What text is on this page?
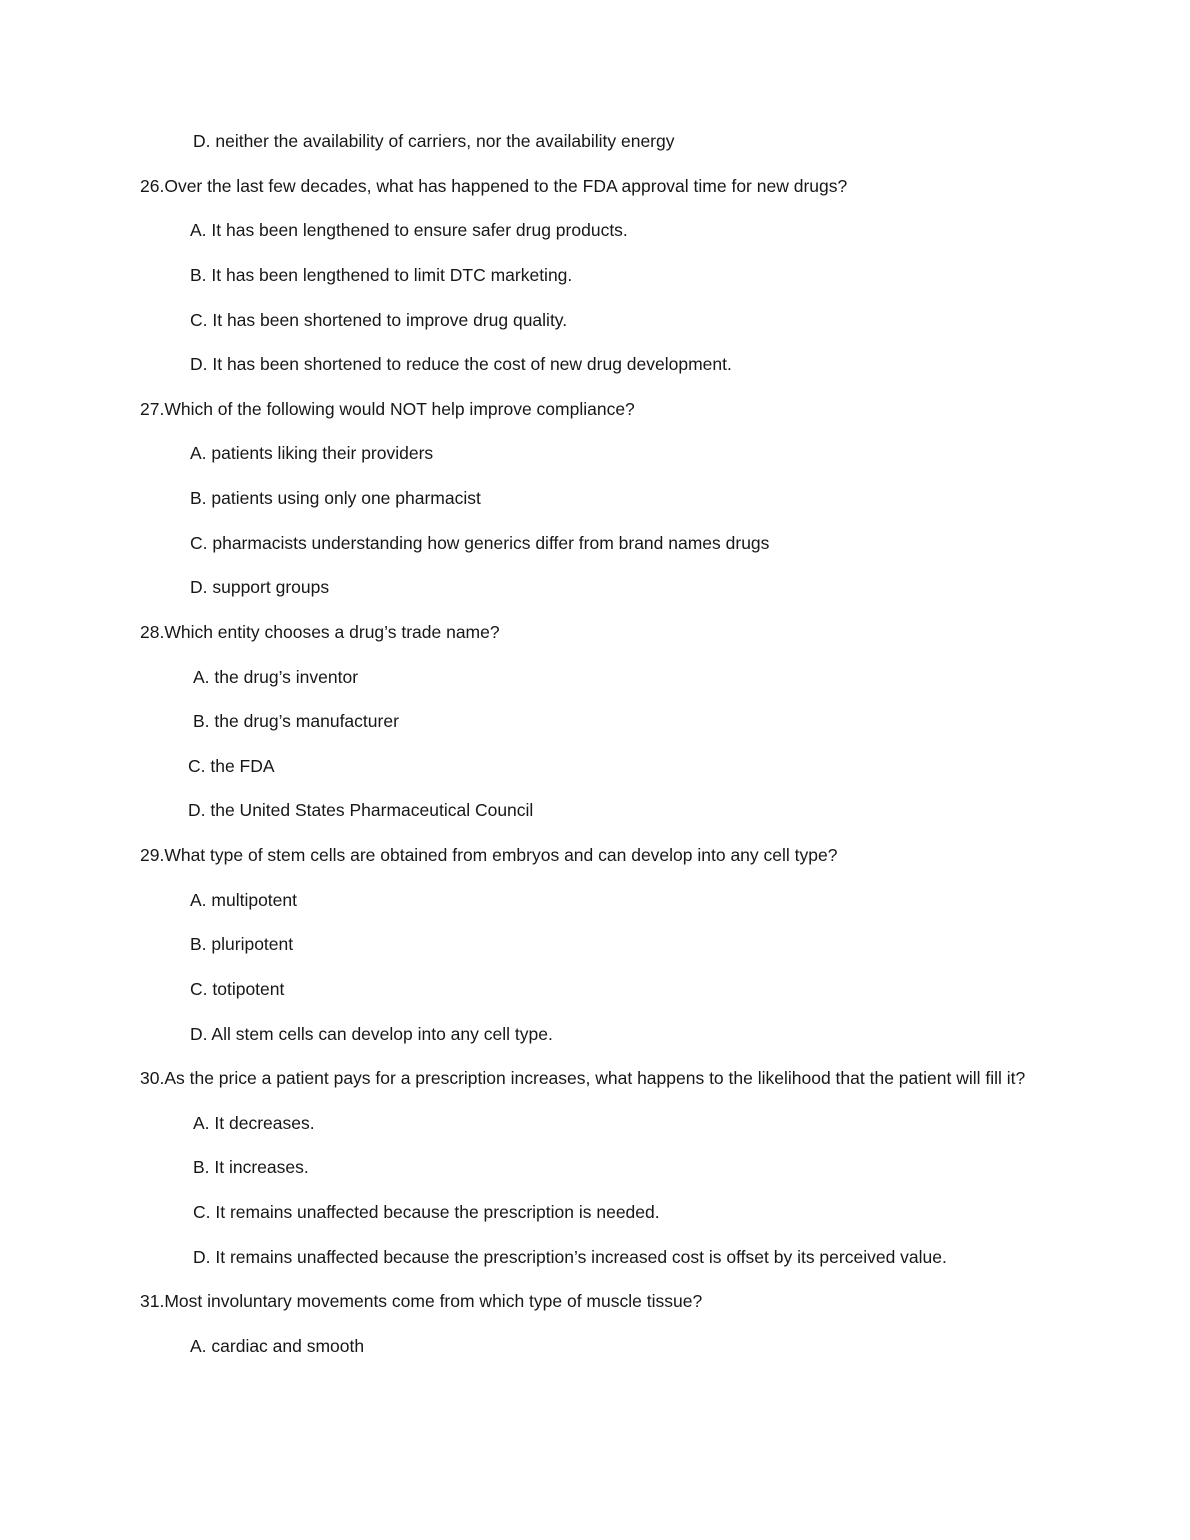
D. neither the availability of carriers, nor the availability energy

26.Over the last few decades, what has happened to the FDA approval time for new drugs?

A. It has been lengthened to ensure safer drug products.

B. It has been lengthened to limit DTC marketing.

C. It has been shortened to improve drug quality.

D. It has been shortened to reduce the cost of new drug development.

27.Which of the following would NOT help improve compliance?

A. patients liking their providers

B. patients using only one pharmacist

C. pharmacists understanding how generics differ from brand names drugs

D. support groups

28.Which entity chooses a drug’s trade name?

A. the drug’s inventor

B. the drug’s manufacturer

C. the FDA

D. the United States Pharmaceutical Council

29.What type of stem cells are obtained from embryos and can develop into any cell type?

A. multipotent

B. pluripotent

C. totipotent

D. All stem cells can develop into any cell type.

30.As the price a patient pays for a prescription increases, what happens to the likelihood that the patient will fill it?

A. It decreases.

B. It increases.

C. It remains unaffected because the prescription is needed.

D. It remains unaffected because the prescription’s increased cost is offset by its perceived value.

31.Most involuntary movements come from which type of muscle tissue?

A. cardiac and smooth
